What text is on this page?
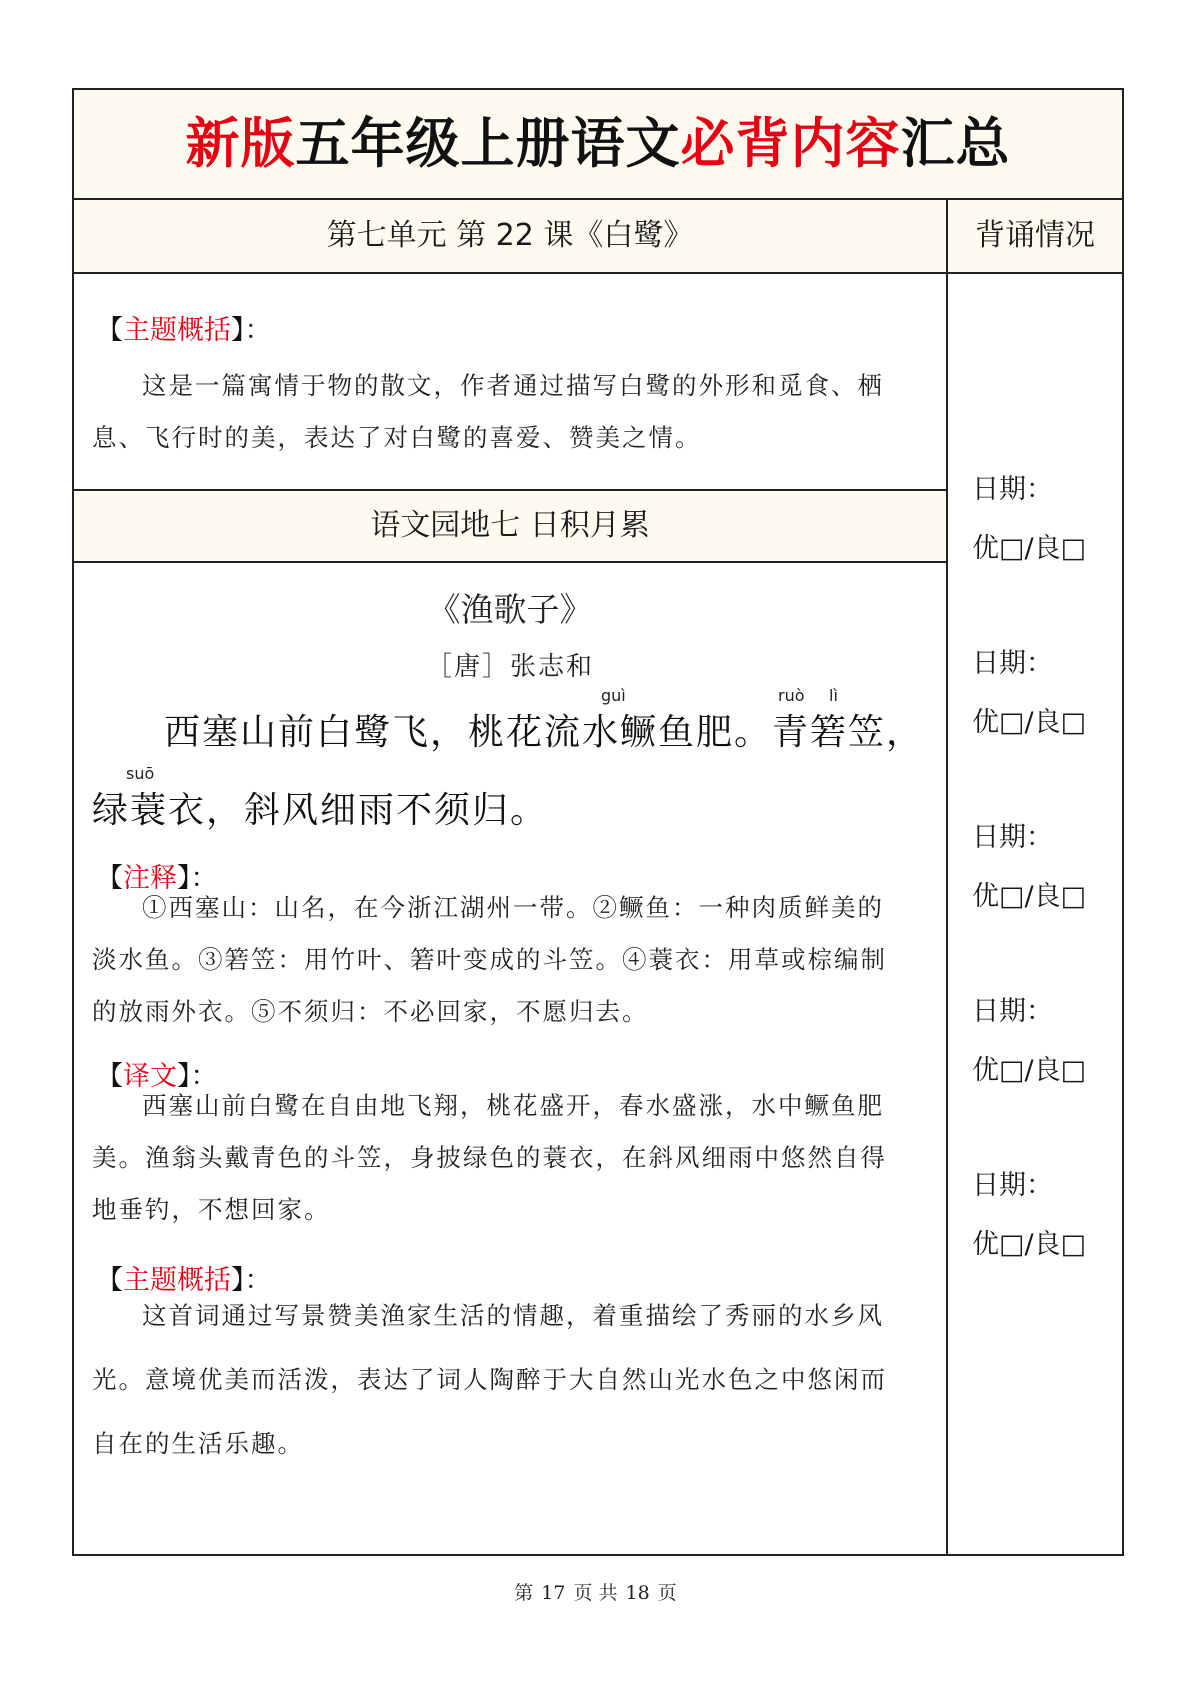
新版五年级上册语文必背内容汇总
第七单元 第 22 课《白鹭》	背诵情况
【主题概括】：
这是一篇寓情于物的散文，作者通过描写白鹭的外形和觅食、栖
息、飞行时的美，表达了对白鹭的喜爱、赞美之情。
语文园地七 日积月累
《渔歌子》
［唐］张志和
guì	ruò lì
西塞山前白鹭飞，桃花流水鳜鱼肥。青箬笠，
suō
绿蓑衣，斜风细雨不须归。
【注释】：
①西塞山：山名，在今浙江湖州一带。②鳜鱼：一种肉质鲜美的
淡水鱼。③箬笠：用竹叶、箬叶变成的斗笠。④蓑衣：用草或棕编制
的放雨外衣。⑤不须归：不必回家，不愿归去。
【译文】：
西塞山前白鹭在自由地飞翔，桃花盛开，春水盛涨，水中鳜鱼肥
美。渔翁头戴青色的斗笠，身披绿色的蓑衣，在斜风细雨中悠然自得
地垂钓，不想回家。
【主题概括】：
这首词通过写景赞美渔家生活的情趣，着重描绘了秀丽的水乡风
光。意境优美而活泼，表达了词人陶醉于大自然山光水色之中悠闲而
自在的生活乐趣。
日期：
优□/良□
日期：
优□/良□
日期：
优□/良□
日期：
优□/良□
日期：
优□/良□
第 17 页 共 18 页
